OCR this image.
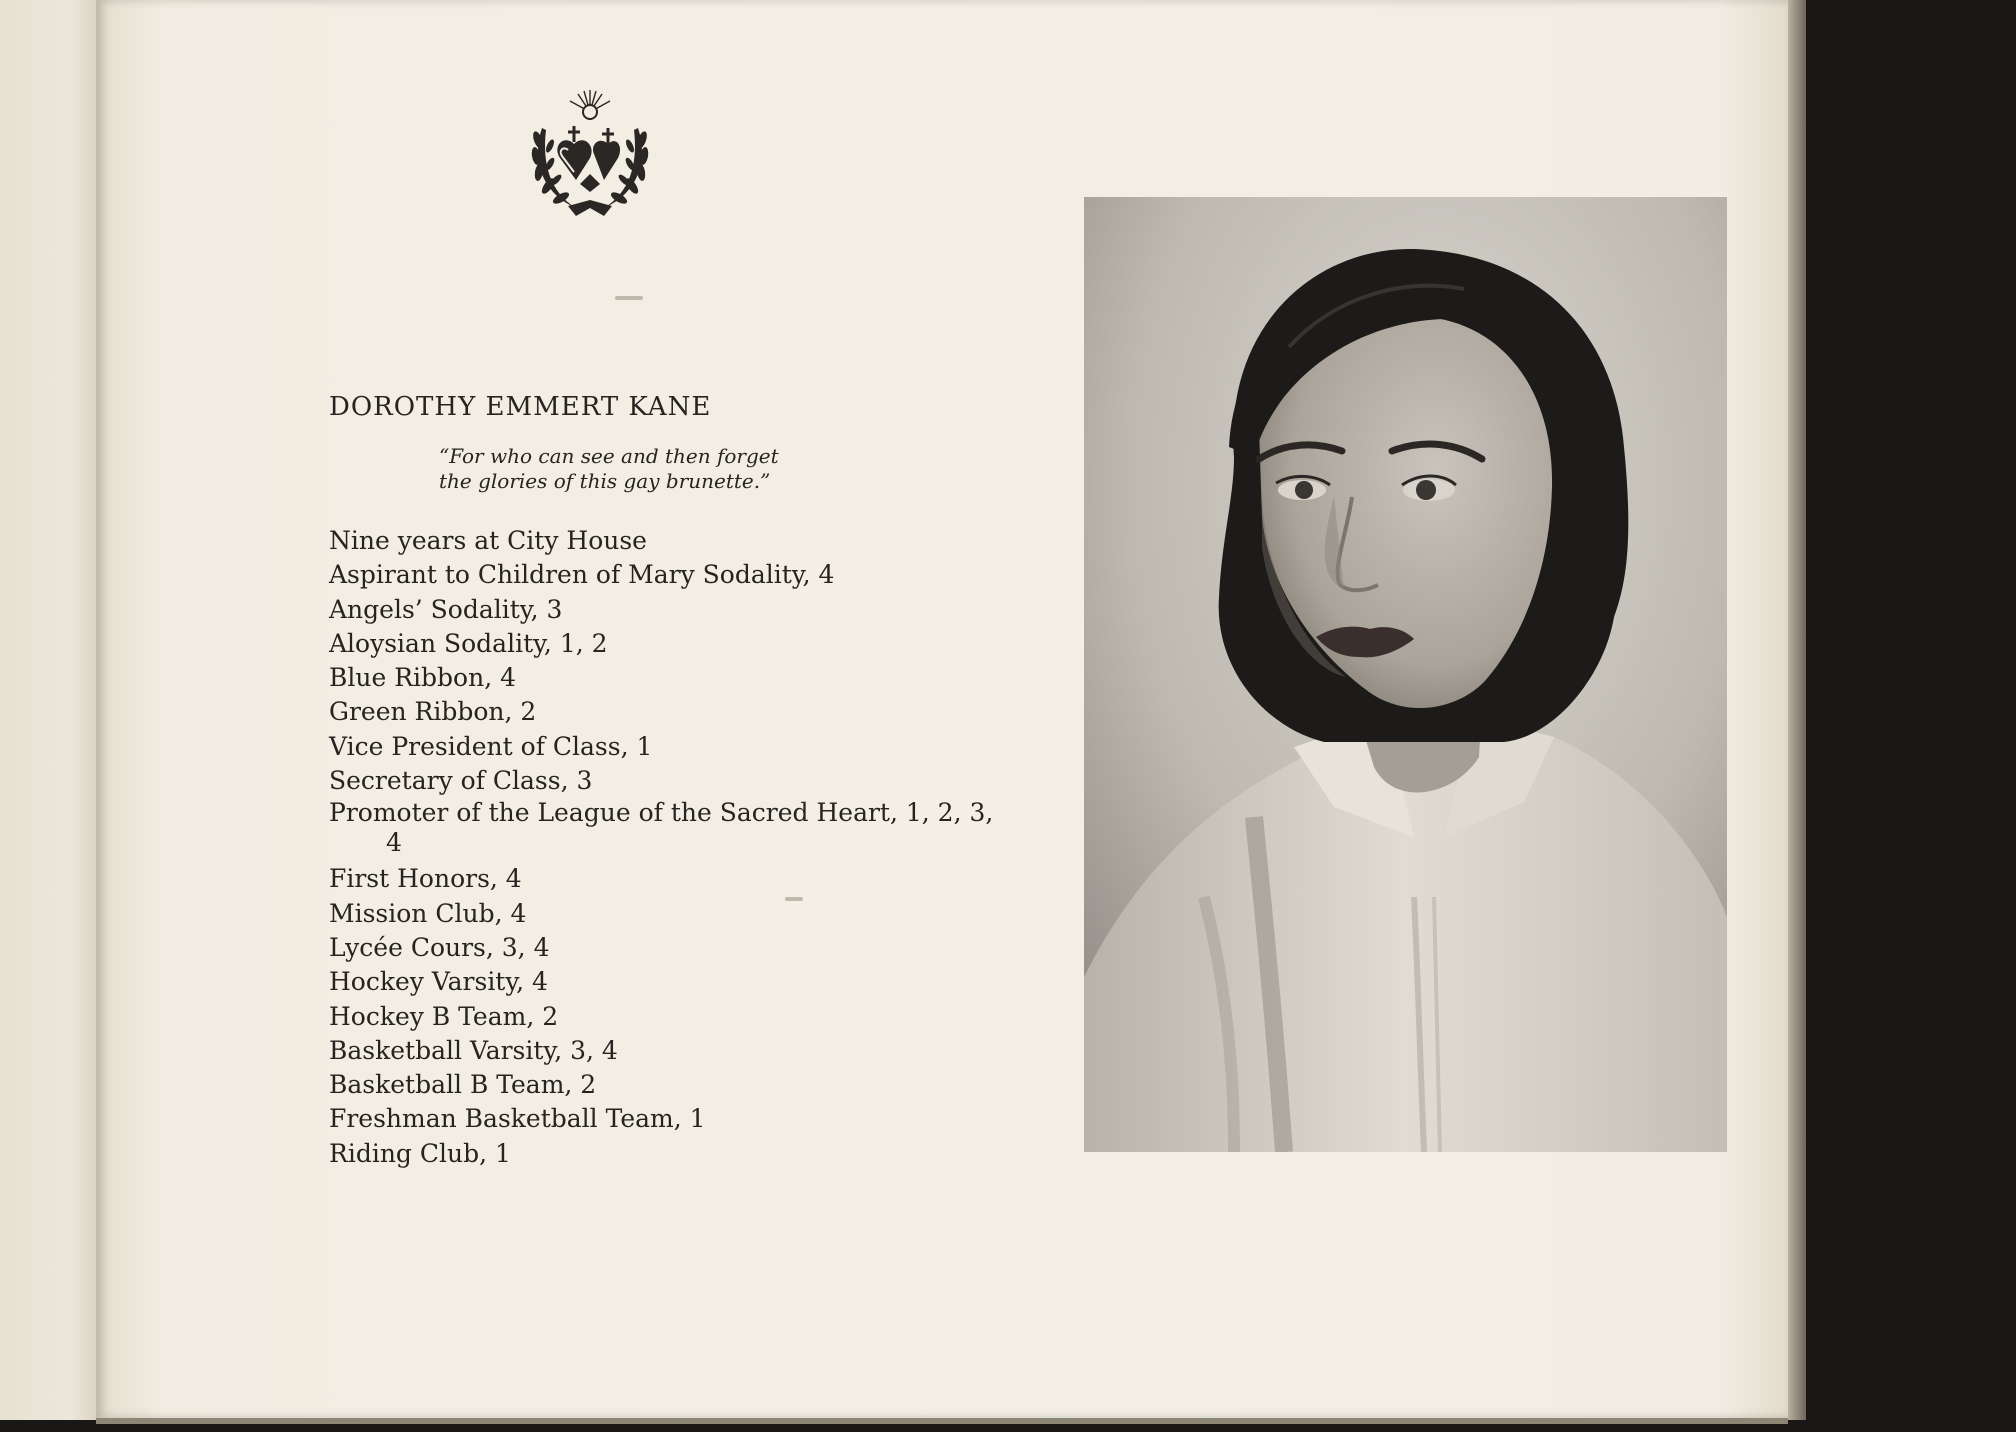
DOROTHY EMMERT KANE
“For who can see and then forget
the glories of this gay brunette.”
Nine years at City House
Aspirant to Children of Mary Sodality, 4
Angels’ Sodality, 3
Aloysian Sodality, 1, 2
Blue Ribbon, 4
Green Ribbon, 2
Vice President of Class, 1
Secretary of Class, 3
Promoter of the League of the Sacred Heart, 1, 2, 3, 4
First Honors, 4
Mission Club, 4
Lycée Cours, 3, 4
Hockey Varsity, 4
Hockey B Team, 2
Basketball Varsity, 3, 4
Basketball B Team, 2
Freshman Basketball Team, 1
Riding Club, 1
